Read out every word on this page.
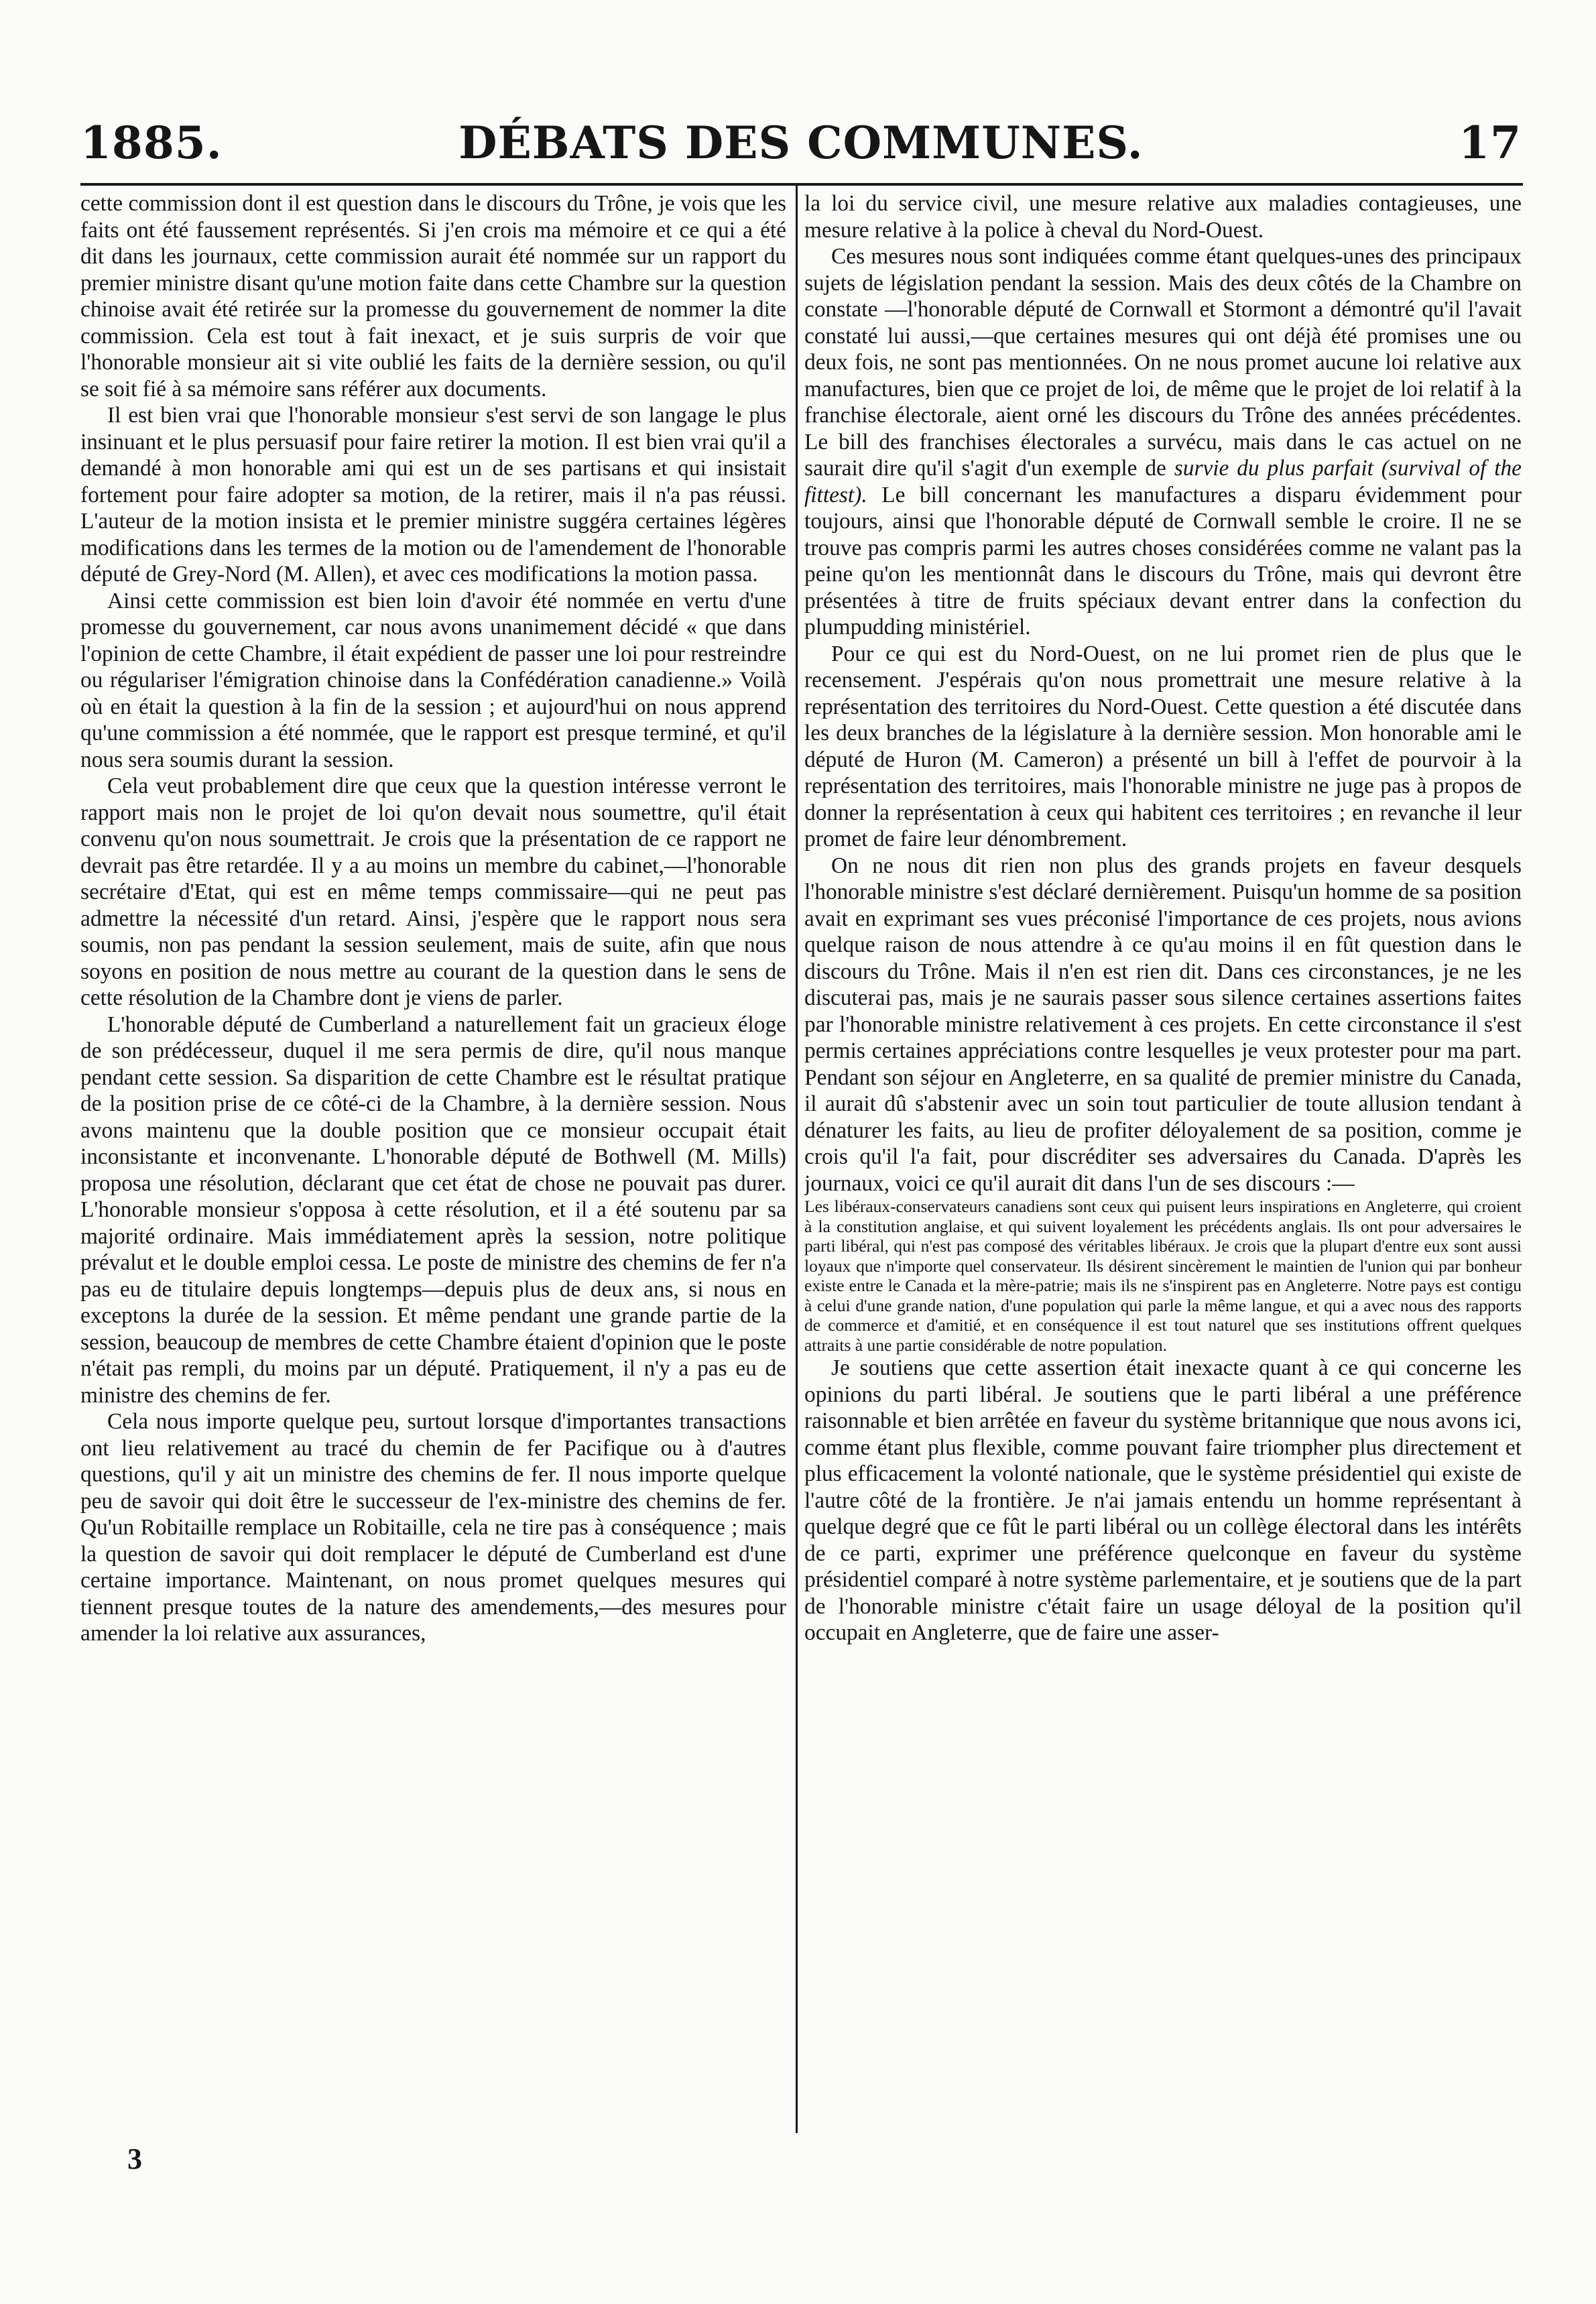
1885.	DÉBATS DES COMMUNES.	17

cette commission dont il est question dans le discours du Trône, je vois que les faits ont été faussement représentés. Si j'en crois ma mémoire et ce qui a été dit dans les journaux, cette commission aurait été nommée sur un rapport du premier ministre disant qu'une motion faite dans cette Chambre sur la question chinoise avait été retirée sur la promesse du gouvernement de nommer la dite commission. Cela est tout à fait inexact, et je suis surpris de voir que l'honorable monsieur ait si vite oublié les faits de la dernière session, ou qu'il se soit fié à sa mémoire sans référer aux documents.

Il est bien vrai que l'honorable monsieur s'est servi de son langage le plus insinuant et le plus persuasif pour faire retirer la motion. Il est bien vrai qu'il a demandé à mon honorable ami qui est un de ses partisans et qui insistait fortement pour faire adopter sa motion, de la retirer, mais il n'a pas réussi. L'auteur de la motion insista et le premier ministre suggéra certaines légères modifications dans les termes de la motion ou de l'amendement de l'honorable député de Grey-Nord (M. Allen), et avec ces modifications la motion passa.

Ainsi cette commission est bien loin d'avoir été nommée en vertu d'une promesse du gouvernement, car nous avons unanimement décidé « que dans l'opinion de cette Chambre, il était expédient de passer une loi pour restreindre ou régulariser l'émigration chinoise dans la Confédération canadienne.» Voilà où en était la question à la fin de la session ; et aujourd'hui on nous apprend qu'une commission a été nommée, que le rapport est presque terminé, et qu'il nous sera soumis durant la session.

Cela veut probablement dire que ceux que la question intéresse verront le rapport mais non le projet de loi qu'on devait nous soumettre, qu'il était convenu qu'on nous soumettrait. Je crois que la présentation de ce rapport ne devrait pas être retardée. Il y a au moins un membre du cabinet,—l'honorable secrétaire d'Etat, qui est en même temps commissaire—qui ne peut pas admettre la nécessité d'un retard. Ainsi, j'espère que le rapport nous sera soumis, non pas pendant la session seulement, mais de suite, afin que nous soyons en position de nous mettre au courant de la question dans le sens de cette résolution de la Chambre dont je viens de parler.

L'honorable député de Cumberland a naturellement fait un gracieux éloge de son prédécesseur, duquel il me sera permis de dire, qu'il nous manque pendant cette session. Sa disparition de cette Chambre est le résultat pratique de la position prise de ce côté-ci de la Chambre, à la dernière session. Nous avons maintenu que la double position que ce monsieur occupait était inconsistante et inconvenante. L'honorable député de Bothwell (M. Mills) proposa une résolution, déclarant que cet état de chose ne pouvait pas durer. L'honorable monsieur s'opposa à cette résolution, et il a été soutenu par sa majorité ordinaire. Mais immédiatement après la session, notre politique prévalut et le double emploi cessa. Le poste de ministre des chemins de fer n'a pas eu de titulaire depuis longtemps—depuis plus de deux ans, si nous en exceptons la durée de la session. Et même pendant une grande partie de la session, beaucoup de membres de cette Chambre étaient d'opinion que le poste n'était pas rempli, du moins par un député. Pratiquement, il n'y a pas eu de ministre des chemins de fer.

Cela nous importe quelque peu, surtout lorsque d'importantes transactions ont lieu relativement au tracé du chemin de fer Pacifique ou à d'autres questions, qu'il y ait un ministre des chemins de fer. Il nous importe quelque peu de savoir qui doit être le successeur de l'ex-ministre des chemins de fer. Qu'un Robitaille remplace un Robitaille, cela ne tire pas à conséquence ; mais la question de savoir qui doit remplacer le député de Cumberland est d'une certaine importance. Maintenant, on nous promet quelques mesures qui tiennent presque toutes de la nature des amendements,—des mesures pour amender la loi relative aux assurances,

la loi du service civil, une mesure relative aux maladies contagieuses, une mesure relative à la police à cheval du Nord-Ouest.

Ces mesures nous sont indiquées comme étant quelques-unes des principaux sujets de législation pendant la session. Mais des deux côtés de la Chambre on constate —l'honorable député de Cornwall et Stormont a démontré qu'il l'avait constaté lui aussi,—que certaines mesures qui ont déjà été promises une ou deux fois, ne sont pas mentionnées. On ne nous promet aucune loi relative aux manufactures, bien que ce projet de loi, de même que le projet de loi relatif à la franchise électorale, aient orné les discours du Trône des années précédentes. Le bill des franchises électorales a survécu, mais dans le cas actuel on ne saurait dire qu'il s'agit d'un exemple de survie du plus parfait (survival of the fittest). Le bill concernant les manufactures a disparu évidemment pour toujours, ainsi que l'honorable député de Cornwall semble le croire. Il ne se trouve pas compris parmi les autres choses considérées comme ne valant pas la peine qu'on les mentionnât dans le discours du Trône, mais qui devront être présentées à titre de fruits spéciaux devant entrer dans la confection du plumpudding ministériel.

Pour ce qui est du Nord-Ouest, on ne lui promet rien de plus que le recensement. J'espérais qu'on nous promettrait une mesure relative à la représentation des territoires du Nord-Ouest. Cette question a été discutée dans les deux branches de la législature à la dernière session. Mon honorable ami le député de Huron (M. Cameron) a présenté un bill à l'effet de pourvoir à la représentation des territoires, mais l'honorable ministre ne juge pas à propos de donner la représentation à ceux qui habitent ces territoires ; en revanche il leur promet de faire leur dénombrement.

On ne nous dit rien non plus des grands projets en faveur desquels l'honorable ministre s'est déclaré dernièrement. Puisqu'un homme de sa position avait en exprimant ses vues préconisé l'importance de ces projets, nous avions quelque raison de nous attendre à ce qu'au moins il en fût question dans le discours du Trône. Mais il n'en est rien dit. Dans ces circonstances, je ne les discuterai pas, mais je ne saurais passer sous silence certaines assertions faites par l'honorable ministre relativement à ces projets. En cette circonstance il s'est permis certaines appréciations contre lesquelles je veux protester pour ma part. Pendant son séjour en Angleterre, en sa qualité de premier ministre du Canada, il aurait dû s'abstenir avec un soin tout particulier de toute allusion tendant à dénaturer les faits, au lieu de profiter déloyalement de sa position, comme je crois qu'il l'a fait, pour discréditer ses adversaires du Canada. D'après les journaux, voici ce qu'il aurait dit dans l'un de ses discours :—

Les libéraux-conservateurs canadiens sont ceux qui puisent leurs inspirations en Angleterre, qui croient à la constitution anglaise, et qui suivent loyalement les précédents anglais. Ils ont pour adversaires le parti libéral, qui n'est pas composé des véritables libéraux. Je crois que la plupart d'entre eux sont aussi loyaux que n'importe quel conservateur. Ils désirent sincèrement le maintien de l'union qui par bonheur existe entre le Canada et la mère-patrie; mais ils ne s'inspirent pas en Angleterre. Notre pays est contigu à celui d'une grande nation, d'une population qui parle la même langue, et qui a avec nous des rapports de commerce et d'amitié, et en conséquence il est tout naturel que ses institutions offrent quelques attraits à une partie considérable de notre population.

Je soutiens que cette assertion était inexacte quant à ce qui concerne les opinions du parti libéral. Je soutiens que le parti libéral a une préférence raisonnable et bien arrêtée en faveur du système britannique que nous avons ici, comme étant plus flexible, comme pouvant faire triompher plus directement et plus efficacement la volonté nationale, que le système présidentiel qui existe de l'autre côté de la frontière. Je n'ai jamais entendu un homme représentant à quelque degré que ce fût le parti libéral ou un collège électoral dans les intérêts de ce parti, exprimer une préférence quelconque en faveur du système présidentiel comparé à notre système parlementaire, et je soutiens que de la part de l'honorable ministre c'était faire un usage déloyal de la position qu'il occupait en Angleterre, que de faire une asser-

3
